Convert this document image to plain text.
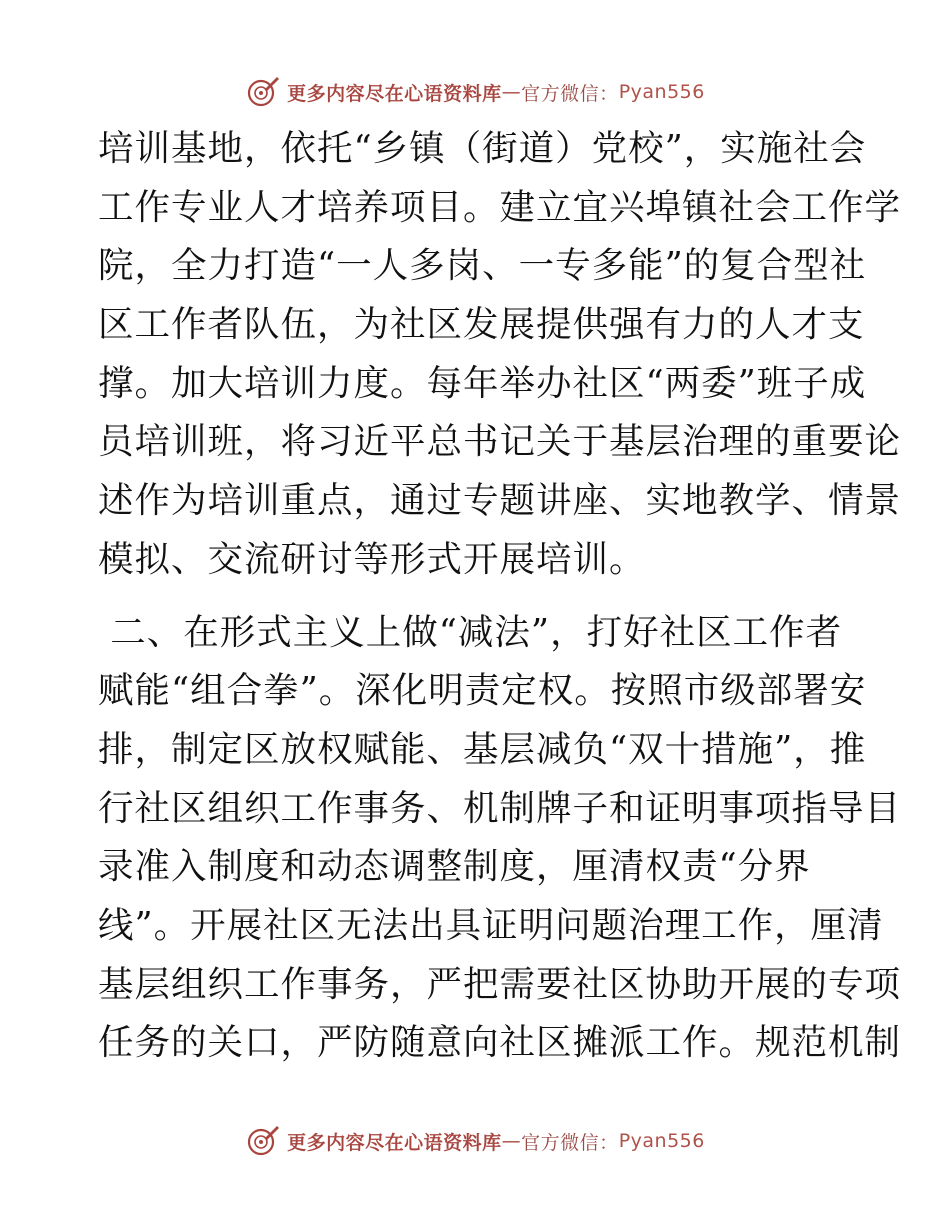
更多内容尽在心语资料库 — 官方微信： Pyan556
培训基地，依托“乡镇（街道）党校”，实施社会
工作专业人才培养项目。建立宜兴埠镇社会工作学
院，全力打造“一人多岗、一专多能”的复合型社
区工作者队伍，为社区发展提供强有力的人才支
撑。加大培训力度。每年举办社区“两委”班子成
员培训班，将习近平总书记关于基层治理的重要论
述作为培训重点，通过专题讲座、实地教学、情景
模拟、交流研讨等形式开展培训。
二、在形式主义上做“减法”，打好社区工作者
赋能“组合拳”。深化明责定权。按照市级部署安
排，制定区放权赋能、基层减负“双十措施”，推
行社区组织工作事务、机制牌子和证明事项指导目
录准入制度和动态调整制度，厘清权责“分界
线”。开展社区无法出具证明问题治理工作，厘清
基层组织工作事务，严把需要社区协助开展的专项
任务的关口，严防随意向社区摊派工作。规范机制
更多内容尽在心语资料库 — 官方微信： Pyan556
